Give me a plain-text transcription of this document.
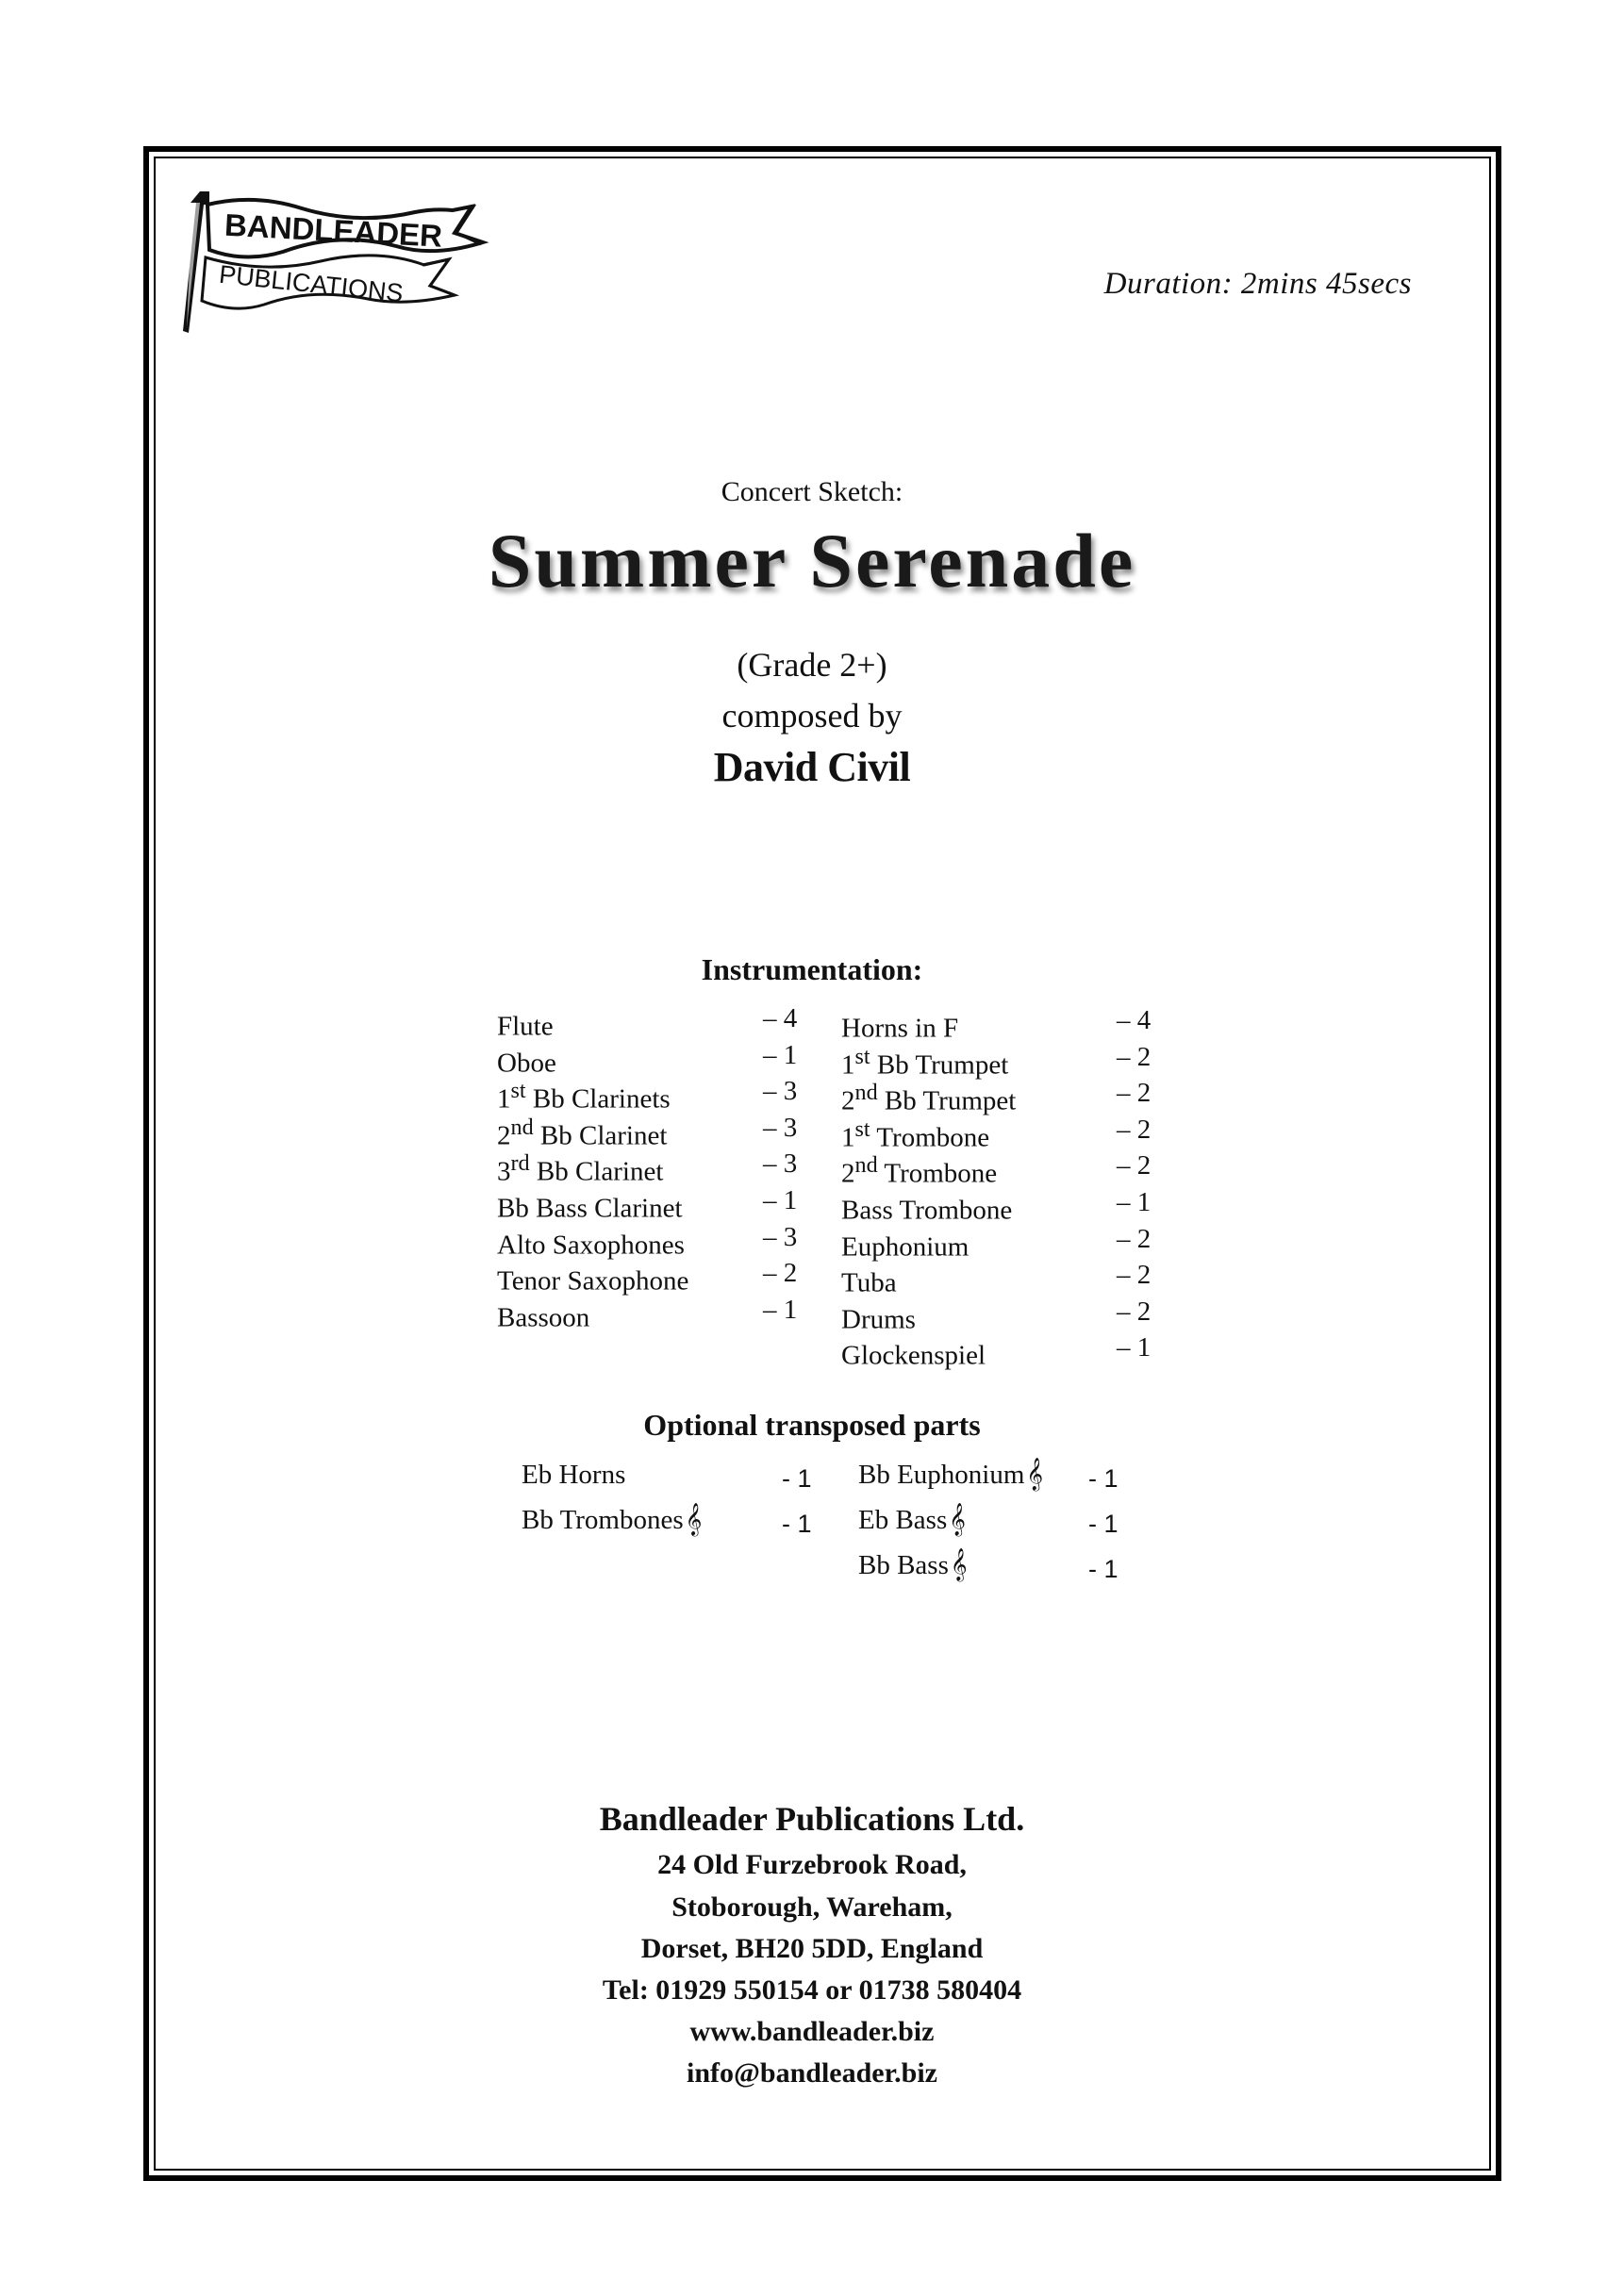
BANDLEADER
PUBLICATIONS	Duration: 2mins 45secs
Concert Sketch:
Summer Serenade
(Grade 2+)
composed by
David Civil
Instrumentation:
Flute	– 4
Oboe	– 1
1st Bb Clarinets	– 3
2nd Bb Clarinet	– 3
3rd Bb Clarinet	– 3
Bb Bass Clarinet	– 1
Alto Saxophones	– 3
Tenor Saxophone	– 2
Bassoon	– 1
Horns in F	– 4
1st Bb Trumpet	– 2
2nd Bb Trumpet	– 2
1st Trombone	– 2
2nd Trombone	– 2
Bass Trombone	– 1
Euphonium	– 2
Tuba	– 2
Drums	– 2
Glockenspiel	– 1
Optional transposed parts
Eb Horns	- 1
Bb Trombones𝄞	- 1
Bb Euphonium𝄞 - 1
Eb Bass𝄞	- 1
Bb Bass𝄞	- 1
Bandleader Publications Ltd.
24 Old Furzebrook Road,
Stoborough, Wareham,
Dorset, BH20 5DD, England
Tel: 01929 550154 or 01738 580404
www.bandleader.biz
info@bandleader.biz
